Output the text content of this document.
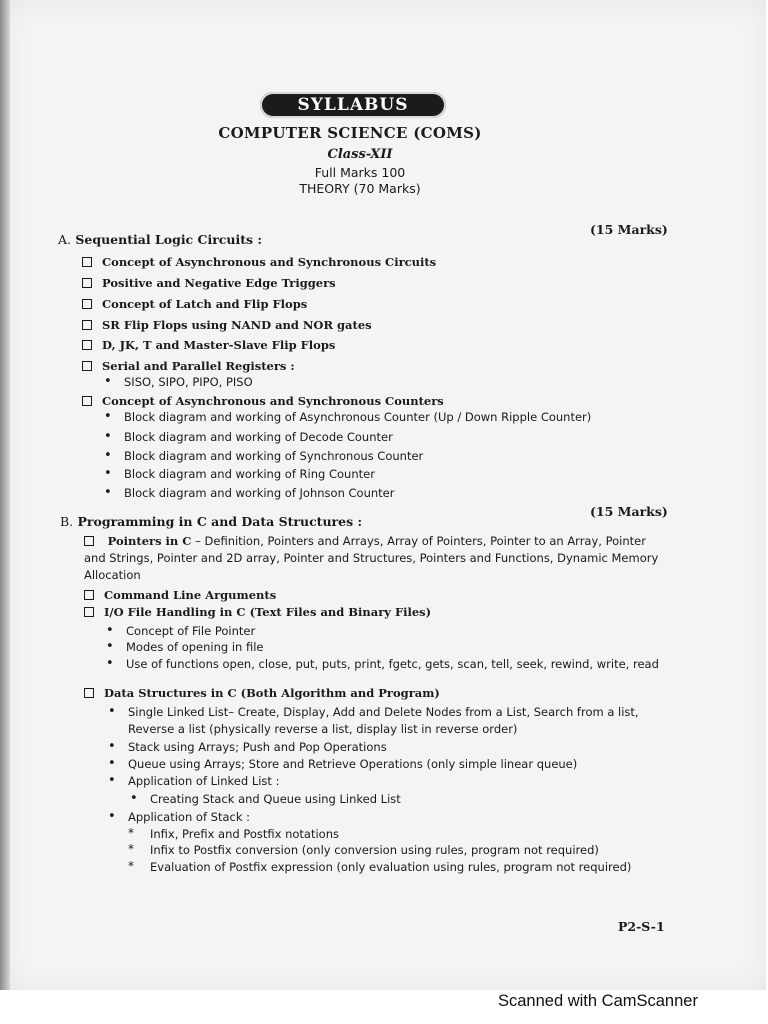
SYLLABUS
COMPUTER SCIENCE (COMS)
Class-XII
Full Marks 100
THEORY (70 Marks)
A. Sequential Logic Circuits :
(15 Marks)
Concept of Asynchronous and Synchronous Circuits
Positive and Negative Edge Triggers
Concept of Latch and Flip Flops
SR Flip Flops using NAND and NOR gates
D, JK, T and Master-Slave Flip Flops
Serial and Parallel Registers :
• SISO, SIPO, PIPO, PISO
Concept of Asynchronous and Synchronous Counters
• Block diagram and working of Asynchronous Counter (Up / Down Ripple Counter)
• Block diagram and working of Decode Counter
• Block diagram and working of Synchronous Counter
• Block diagram and working of Ring Counter
• Block diagram and working of Johnson Counter
B. Programming in C and Data Structures :
(15 Marks)
Pointers in C – Definition, Pointers and Arrays, Array of Pointers, Pointer to an Array, Pointer and Strings, Pointer and 2D array, Pointer and Structures, Pointers and Functions, Dynamic Memory Allocation
Command Line Arguments
I/O File Handling in C (Text Files and Binary Files)
• Concept of File Pointer
• Modes of opening in file
• Use of functions open, close, put, puts, print, fgetc, gets, scan, tell, seek, rewind, write, read
Data Structures in C (Both Algorithm and Program)
• Single Linked List– Create, Display, Add and Delete Nodes from a List, Search from a list, Reverse a list (physically reverse a list, display list in reverse order)
• Stack using Arrays; Push and Pop Operations
• Queue using Arrays; Store and Retrieve Operations (only simple linear queue)
• Application of Linked List :
• Creating Stack and Queue using Linked List
• Application of Stack :
* Infix, Prefix and Postfix notations
* Infix to Postfix conversion (only conversion using rules, program not required)
* Evaluation of Postfix expression (only evaluation using rules, program not required)
P2-S-1
Scanned with CamScanner
